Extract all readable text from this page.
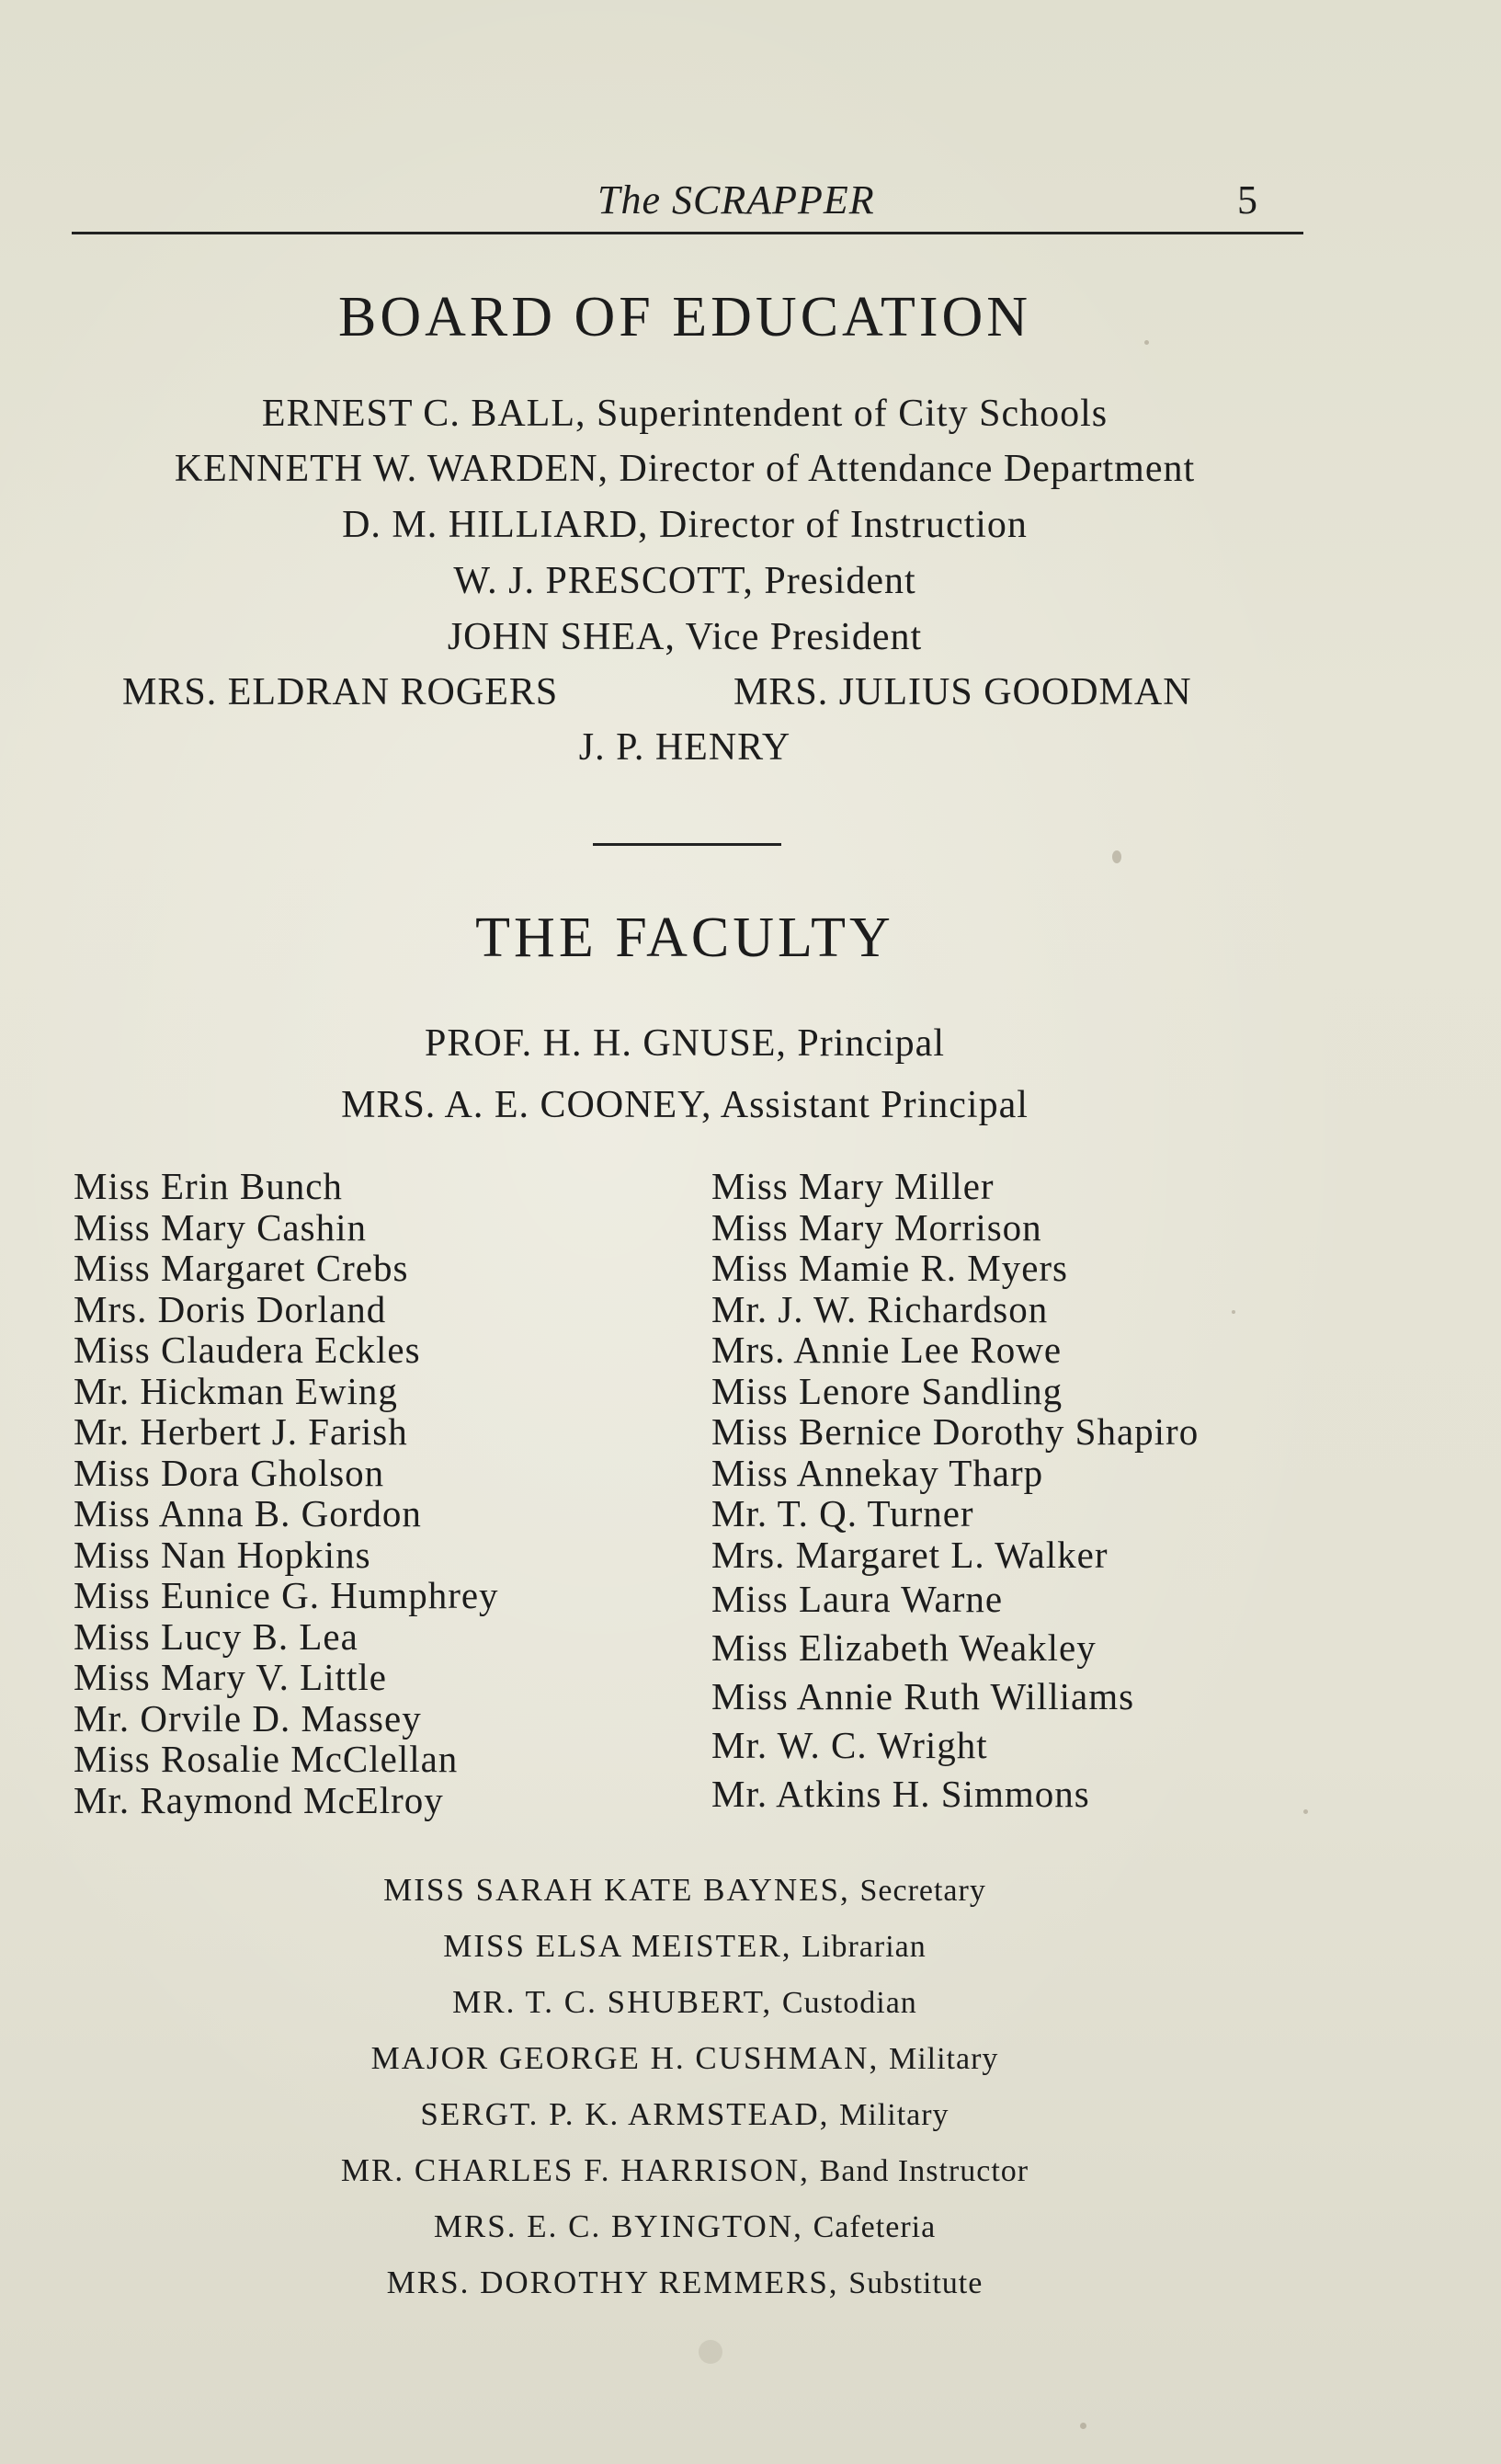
The SCRAPPER	5
BOARD OF EDUCATION
ERNEST C. BALL, Superintendent of City Schools
KENNETH W. WARDEN, Director of Attendance Department
D. M. HILLIARD, Director of Instruction
W. J. PRESCOTT, President
JOHN SHEA, Vice President
MRS. ELDRAN ROGERS	MRS. JULIUS GOODMAN
J. P. HENRY
THE FACULTY
PROF. H. H. GNUSE, Principal
MRS. A. E. COONEY, Assistant Principal
Miss Erin Bunch
Miss Mary Cashin
Miss Margaret Crebs
Mrs. Doris Dorland
Miss Claudera Eckles
Mr. Hickman Ewing
Mr. Herbert J. Farish
Miss Dora Gholson
Miss Anna B. Gordon
Miss Nan Hopkins
Miss Eunice G. Humphrey
Miss Lucy B. Lea
Miss Mary V. Little
Mr. Orvile D. Massey
Miss Rosalie McClellan
Mr. Raymond McElroy
Miss Mary Miller
Miss Mary Morrison
Miss Mamie R. Myers
Mr. J. W. Richardson
Mrs. Annie Lee Rowe
Miss Lenore Sandling
Miss Bernice Dorothy Shapiro
Miss Annekay Tharp
Mr. T. Q. Turner
Mrs. Margaret L. Walker
Miss Laura Warne
Miss Elizabeth Weakley
Miss Annie Ruth Williams
Mr. W. C. Wright
Mr. Atkins H. Simmons
MISS SARAH KATE BAYNES, Secretary
MISS ELSA MEISTER, Librarian
MR. T. C. SHUBERT, Custodian
MAJOR GEORGE H. CUSHMAN, Military
SERGT. P. K. ARMSTEAD, Military
MR. CHARLES F. HARRISON, Band Instructor
MRS. E. C. BYINGTON, Cafeteria
MRS. DOROTHY REMMERS, Substitute
